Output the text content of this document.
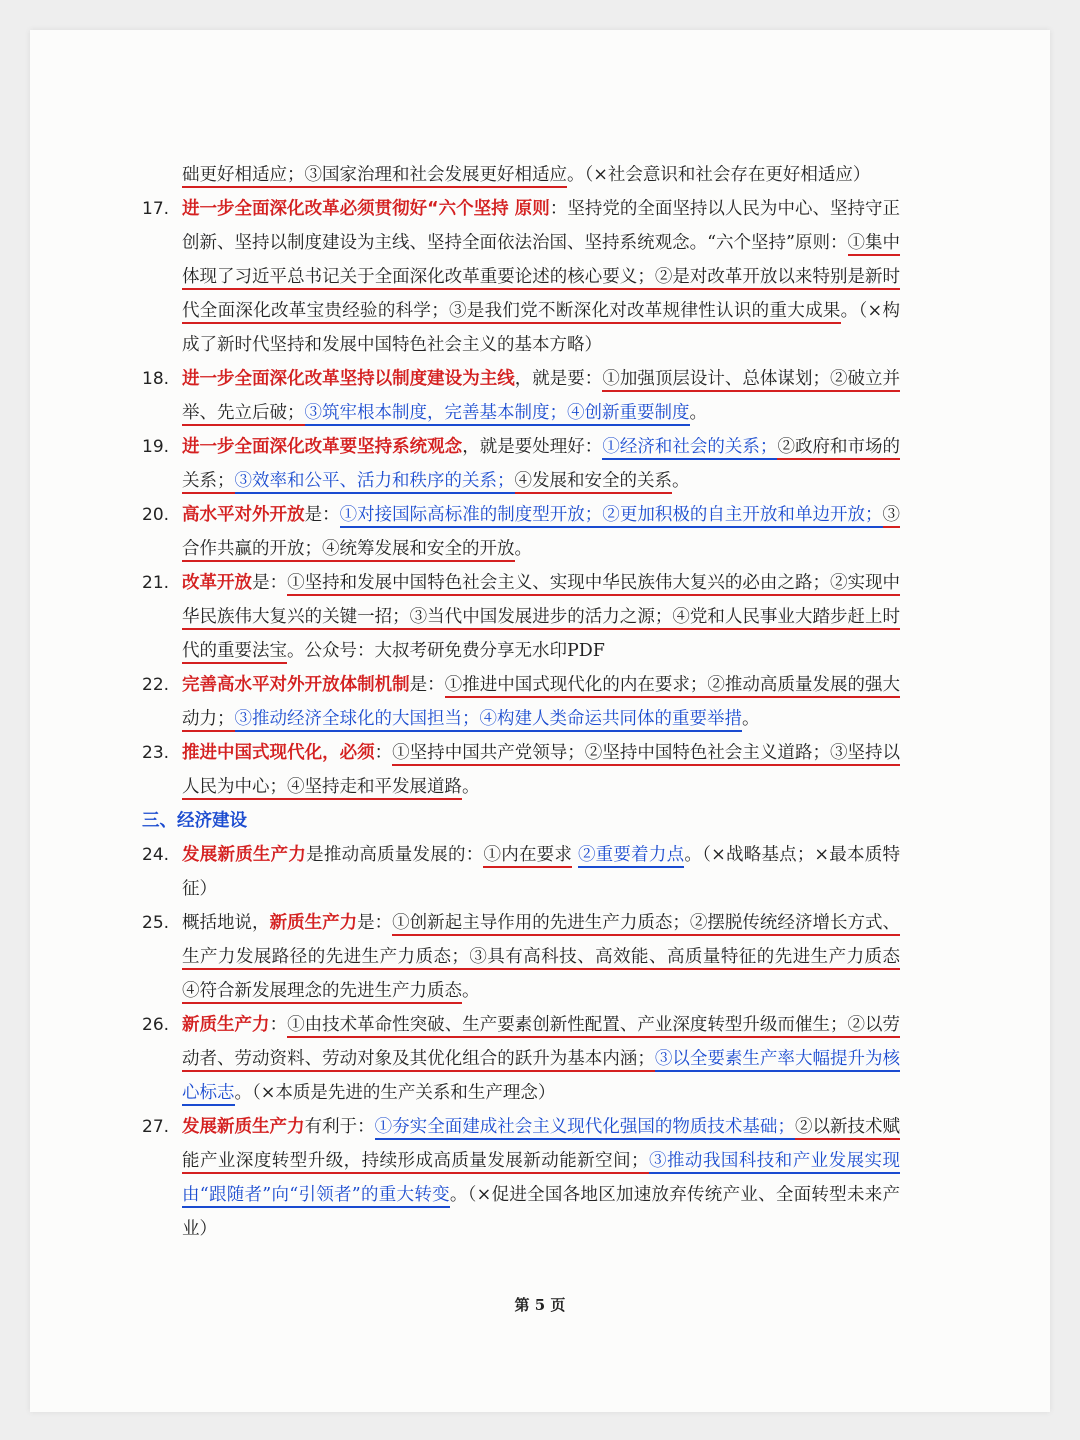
础更好相适应；③国家治理和社会发展更好相适应。（×社会意识和社会存在更好相适应）
17. 进一步全面深化改革必须贯彻好“六个坚持 原则：坚持党的全面坚持以人民为中心、坚持守正创新、坚持以制度建设为主线、坚持全面依法治国、坚持系统观念。“六个坚持”原则：①集中体现了习近平总书记关于全面深化改革重要论述的核心要义；②是对改革开放以来特别是新时代全面深化改革宝贵经验的科学；③是我们党不断深化对改革规律性认识的重大成果。（×构成了新时代坚持和发展中国特色社会主义的基本方略）
18. 进一步全面深化改革坚持以制度建设为主线，就是要：①加强顶层设计、总体谋划；②破立并举、先立后破；③筑牢根本制度，完善基本制度；④创新重要制度。
19. 进一步全面深化改革要坚持系统观念，就是要处理好：①经济和社会的关系；②政府和市场的关系；③效率和公平、活力和秩序的关系；④发展和安全的关系。
20. 高水平对外开放是：①对接国际高标准的制度型开放；②更加积极的自主开放和单边开放；③合作共赢的开放；④统筹发展和安全的开放。
21. 改革开放是：①坚持和发展中国特色社会主义、实现中华民族伟大复兴的必由之路；②实现中华民族伟大复兴的关键一招；③当代中国发展进步的活力之源；④党和人民事业大踏步赶上时代的重要法宝。公众号：大叔考研免费分享无水印PDF
22. 完善高水平对外开放体制机制是：①推进中国式现代化的内在要求；②推动高质量发展的强大动力；③推动经济全球化的大国担当；④构建人类命运共同体的重要举措。
23. 推进中国式现代化，必须：①坚持中国共产党领导；②坚持中国特色社会主义道路；③坚持以人民为中心；④坚持走和平发展道路。
三、经济建设
24. 发展新质生产力是推动高质量发展的：①内在要求 ②重要着力点。（×战略基点；×最本质特征）
25. 概括地说，新质生产力是：①创新起主导作用的先进生产力质态；②摆脱传统经济增长方式、生产力发展路径的先进生产力质态；③具有高科技、高效能、高质量特征的先进生产力质态 ④符合新发展理念的先进生产力质态。
26. 新质生产力：①由技术革命性突破、生产要素创新性配置、产业深度转型升级而催生；②以劳动者、劳动资料、劳动对象及其优化组合的跃升为基本内涵；③以全要素生产率大幅提升为核心标志。（×本质是先进的生产关系和生产理念）
27. 发展新质生产力有利于：①夯实全面建成社会主义现代化强国的物质技术基础；②以新技术赋能产业深度转型升级，持续形成高质量发展新动能新空间；③推动我国科技和产业发展实现由“跟随者”向“引领者”的重大转变。（×促进全国各地区加速放弃传统产业、全面转型未来产业）
第 5 页
